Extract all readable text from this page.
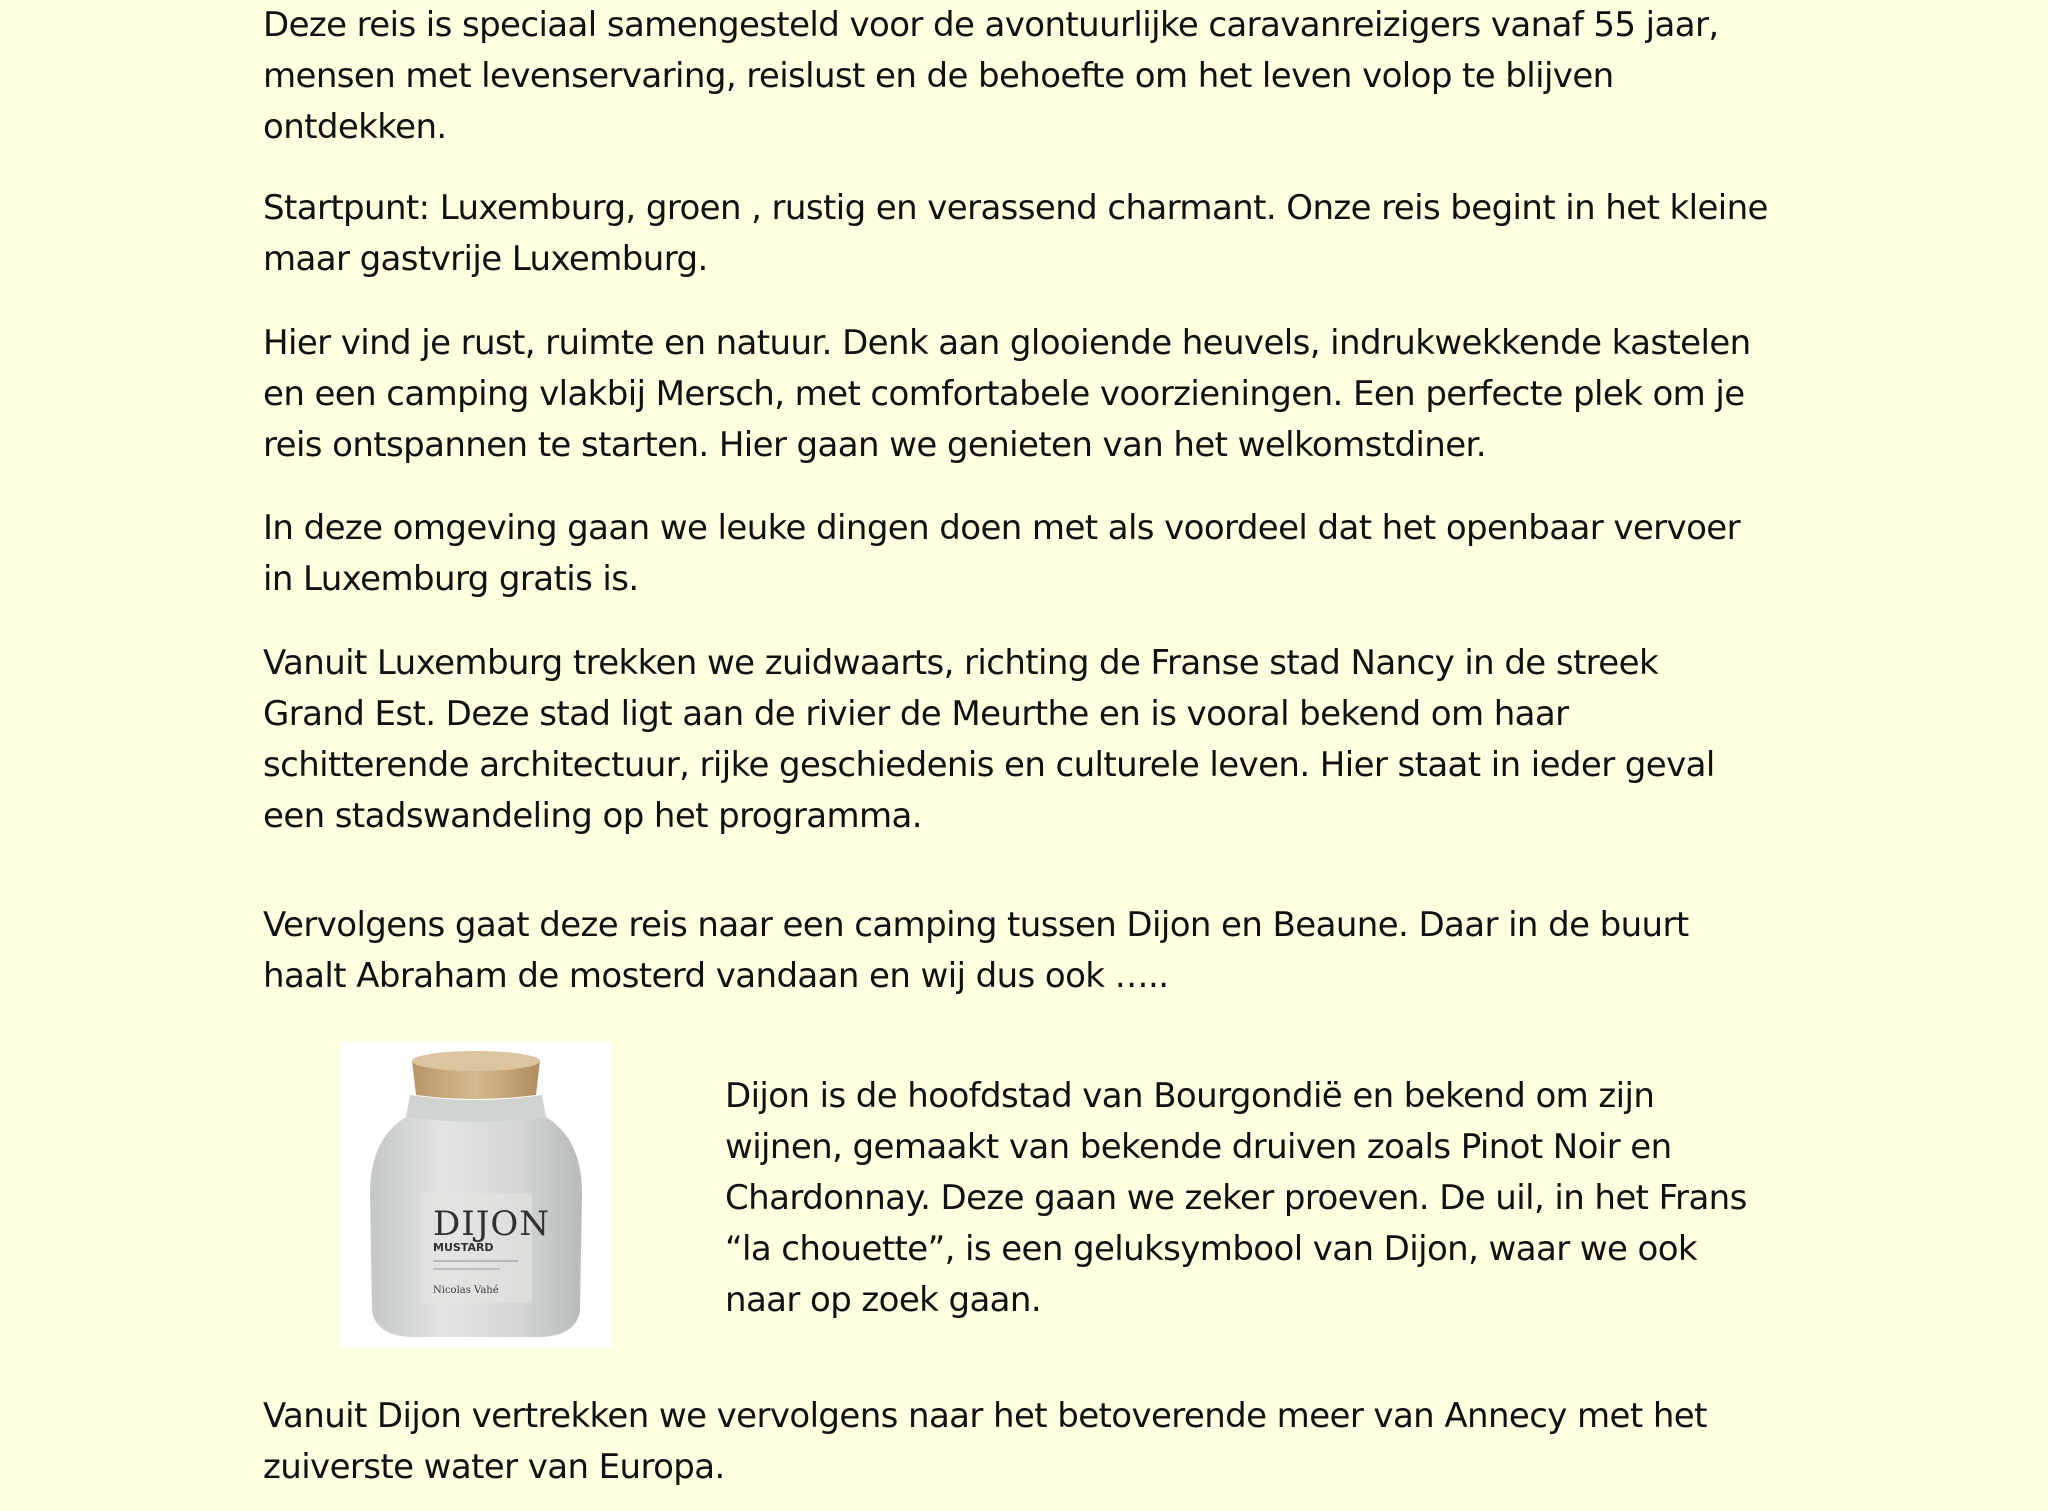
Deze reis is speciaal samengesteld voor de avontuurlijke caravanreizigers vanaf 55 jaar,
mensen met levenservaring, reislust en de behoefte om het leven volop te blijven
ontdekken.

Startpunt: Luxemburg, groen , rustig en verassend charmant. Onze reis begint in het kleine
maar gastvrije Luxemburg.

Hier vind je rust, ruimte en natuur. Denk aan glooiende heuvels, indrukwekkende kastelen
en een camping vlakbij Mersch, met comfortabele voorzieningen. Een perfecte plek om je
reis ontspannen te starten. Hier gaan we genieten van het welkomstdiner.

In deze omgeving gaan we leuke dingen doen met als voordeel dat het openbaar vervoer
in Luxemburg gratis is.

Vanuit Luxemburg trekken we zuidwaarts, richting de Franse stad Nancy in de streek
Grand Est. Deze stad ligt aan de rivier de Meurthe en is vooral bekend om haar
schitterende architectuur, rijke geschiedenis en culturele leven. Hier staat in ieder geval
een stadswandeling op het programma.

Vervolgens gaat deze reis naar een camping tussen Dijon en Beaune. Daar in de buurt
haalt Abraham de mosterd vandaan en wij dus ook …..

DIJON
MUSTARD
Nicolas Vahé

Dijon is de hoofdstad van Bourgondië en bekend om zijn
wijnen, gemaakt van bekende druiven zoals Pinot Noir en
Chardonnay. Deze gaan we zeker proeven. De uil, in het Frans
“la chouette”, is een geluksymbool van Dijon, waar we ook
naar op zoek gaan.

Vanuit Dijon vertrekken we vervolgens naar het betoverende meer van Annecy met het
zuiverste water van Europa.
